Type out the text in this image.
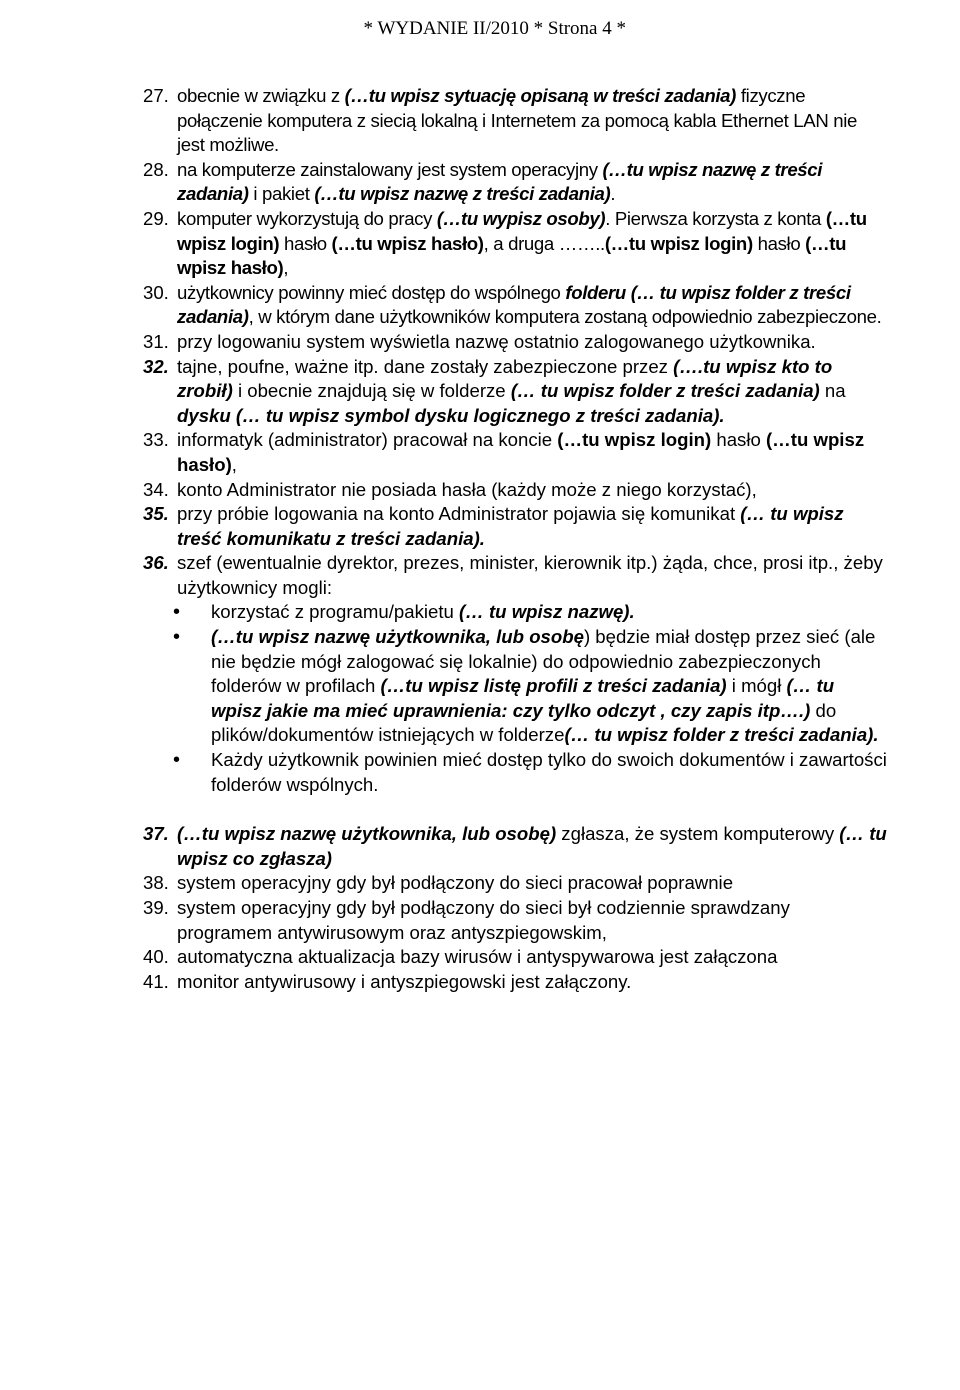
* WYDANIE II/2010 * Strona 4 *
27. obecnie w związku z (…tu wpisz sytuację opisaną w treści zadania) fizyczne połączenie komputera z siecią lokalną i Internetem za pomocą kabla Ethernet LAN nie jest możliwe.
28. na komputerze zainstalowany jest system operacyjny (…tu wpisz nazwę z treści zadania) i pakiet (…tu wpisz nazwę z treści zadania).
29. komputer wykorzystują do pracy (…tu wypisz osoby). Pierwsza korzysta z konta (…tu wpisz login) hasło (…tu wpisz hasło), a druga ……..(…tu wpisz login) hasło (…tu wpisz hasło),
30. użytkownicy powinny mieć dostęp do wspólnego folderu (… tu wpisz folder z treści zadania), w którym dane użytkowników komputera zostaną odpowiednio zabezpieczone.
31. przy logowaniu system wyświetla nazwę ostatnio zalogowanego użytkownika.
32. tajne, poufne, ważne itp. dane zostały zabezpieczone przez (….tu wpisz kto to zrobił) i obecnie znajdują się w folderze (… tu wpisz folder z treści zadania) na dysku (… tu wpisz symbol dysku logicznego z treści zadania).
33. informatyk (administrator) pracował na koncie (…tu wpisz login) hasło (…tu wpisz hasło),
34. konto Administrator nie posiada hasła (każdy może z niego korzystać),
35. przy próbie logowania na konto Administrator pojawia się komunikat (… tu wpisz treść komunikatu z treści zadania).
36. szef (ewentualnie dyrektor, prezes, minister, kierownik itp.) żąda, chce, prosi itp., żeby użytkownicy mogli:
•	korzystać z programu/pakietu (… tu wpisz nazwę).
•	(…tu wpisz nazwę użytkownika, lub osobę) będzie miał dostęp przez sieć (ale nie będzie mógł zalogować się lokalnie) do odpowiednio zabezpieczonych folderów w profilach (…tu wpisz listę profili z treści zadania) i mógł (… tu wpisz jakie ma mieć uprawnienia: czy tylko odczyt , czy zapis itp….) do plików/dokumentów istniejących w folderze(… tu wpisz folder z treści zadania).
•	Każdy użytkownik powinien mieć dostęp tylko do swoich dokumentów i zawartości folderów wspólnych.
37. (…tu wpisz nazwę użytkownika, lub osobę) zgłasza, że system komputerowy (… tu wpisz co zgłasza)
38. system operacyjny gdy był podłączony do sieci pracował poprawnie
39. system operacyjny gdy był podłączony do sieci był codziennie sprawdzany programem antywirusowym oraz antyszpiegowskim,
40. automatyczna aktualizacja bazy wirusów i antyspywarowa jest załączona
41. monitor antywirusowy i antyszpiegowski jest załączony.
